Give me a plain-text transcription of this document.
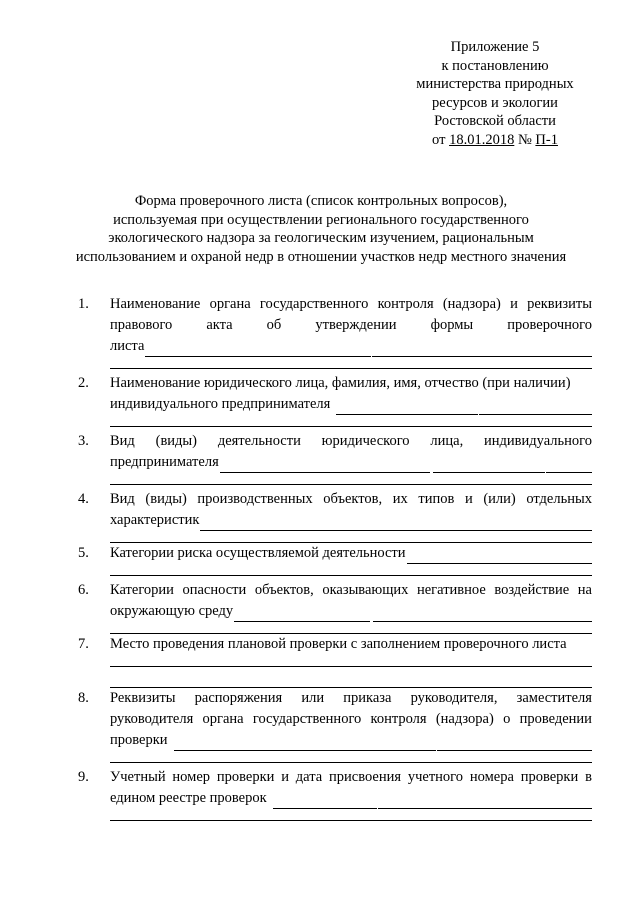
Приложение 5
к постановлению
министерства природных
ресурсов и экологии
Ростовской области
от 18.01.2018 № П-1
Форма проверочного листа (список контрольных вопросов),
используемая при осуществлении регионального государственного
экологического надзора за геологическим изучением, рациональным
использованием и охраной недр в отношении участков недр местного значения
1.	Наименование органа государственного контроля (надзора) и реквизиты
правового акта об утверждении формы проверочного
листа
2.	Наименование юридического лица, фамилия, имя, отчество (при наличии)
индивидуального предпринимателя
3.	Вид (виды) деятельности юридического лица, индивидуального
предпринимателя
4.	Вид (виды) производственных объектов, их типов и (или) отдельных
характеристик
5.	Категории риска осуществляемой деятельности
6.	Категории опасности объектов, оказывающих негативное воздействие на
окружающую среду
7.	Место проведения плановой проверки с заполнением проверочного листа
8.	Реквизиты распоряжения или приказа руководителя, заместителя
руководителя органа государственного контроля (надзора) о проведении
проверки
9.	Учетный номер проверки и дата присвоения учетного номера проверки в
едином реестре проверок
